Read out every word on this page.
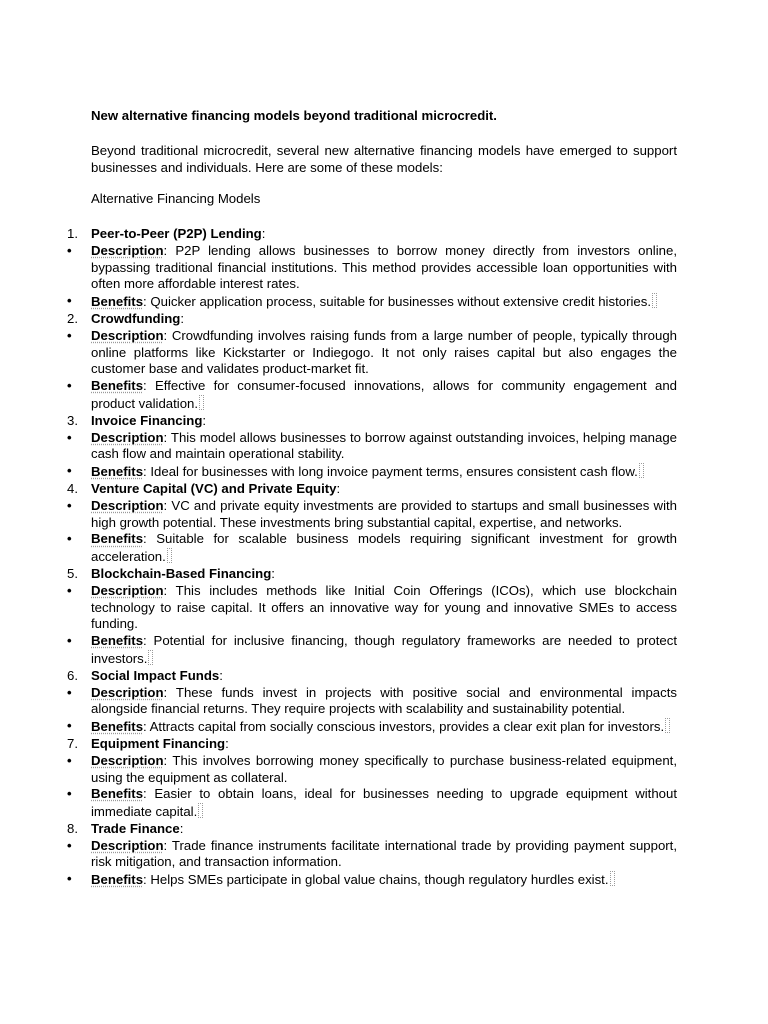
New alternative financing models beyond traditional microcredit.
Beyond traditional microcredit, several new alternative financing models have emerged to support businesses and individuals. Here are some of these models:
Alternative Financing Models
1. Peer-to-Peer (P2P) Lending:
• Description: P2P lending allows businesses to borrow money directly from investors online, bypassing traditional financial institutions. This method provides accessible loan opportunities with often more affordable interest rates.
• Benefits: Quicker application process, suitable for businesses without extensive credit histories.
2. Crowdfunding:
• Description: Crowdfunding involves raising funds from a large number of people, typically through online platforms like Kickstarter or Indiegogo. It not only raises capital but also engages the customer base and validates product-market fit.
• Benefits: Effective for consumer-focused innovations, allows for community engagement and product validation.
3. Invoice Financing:
• Description: This model allows businesses to borrow against outstanding invoices, helping manage cash flow and maintain operational stability.
• Benefits: Ideal for businesses with long invoice payment terms, ensures consistent cash flow.
4. Venture Capital (VC) and Private Equity:
• Description: VC and private equity investments are provided to startups and small businesses with high growth potential. These investments bring substantial capital, expertise, and networks.
• Benefits: Suitable for scalable business models requiring significant investment for growth acceleration.
5. Blockchain-Based Financing:
• Description: This includes methods like Initial Coin Offerings (ICOs), which use blockchain technology to raise capital. It offers an innovative way for young and innovative SMEs to access funding.
• Benefits: Potential for inclusive financing, though regulatory frameworks are needed to protect investors.
6. Social Impact Funds:
• Description: These funds invest in projects with positive social and environmental impacts alongside financial returns. They require projects with scalability and sustainability potential.
• Benefits: Attracts capital from socially conscious investors, provides a clear exit plan for investors.
7. Equipment Financing:
• Description: This involves borrowing money specifically to purchase business-related equipment, using the equipment as collateral.
• Benefits: Easier to obtain loans, ideal for businesses needing to upgrade equipment without immediate capital.
8. Trade Finance:
• Description: Trade finance instruments facilitate international trade by providing payment support, risk mitigation, and transaction information.
• Benefits: Helps SMEs participate in global value chains, though regulatory hurdles exist.
